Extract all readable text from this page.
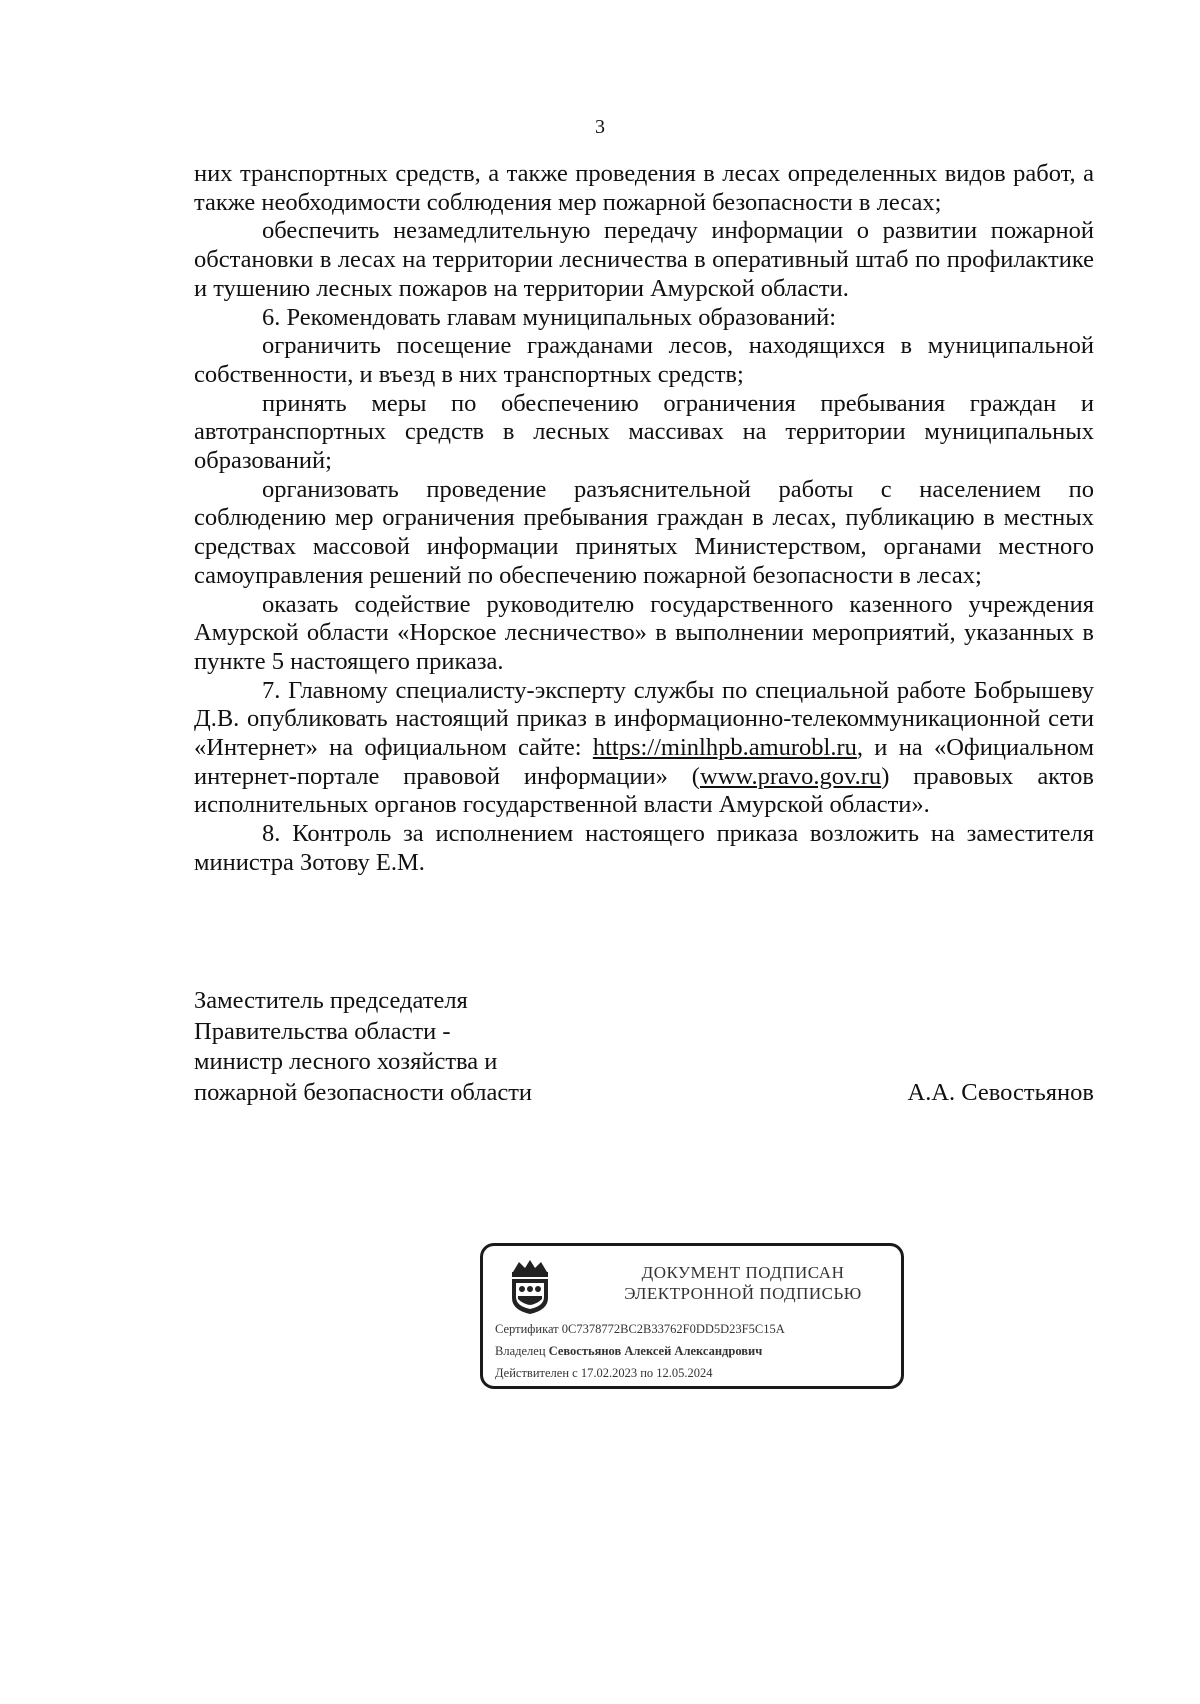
3

них транспортных средств, а также проведения в лесах определенных видов работ, а также необходимости соблюдения мер пожарной безопасности в лесах;

обеспечить незамедлительную передачу информации о развитии пожарной обстановки в лесах на территории лесничества в оперативный штаб по профилактике и тушению лесных пожаров на территории Амурской области.

6. Рекомендовать главам муниципальных образований:

ограничить посещение гражданами лесов, находящихся в муниципальной собственности, и въезд в них транспортных средств;

принять меры по обеспечению ограничения пребывания граждан и автотранспортных средств в лесных массивах на территории муниципальных образований;

организовать проведение разъяснительной работы с населением по соблюдению мер ограничения пребывания граждан в лесах, публикацию в местных средствах массовой информации принятых Министерством, органами местного самоуправления решений по обеспечению пожарной безопасности в лесах;

оказать содействие руководителю государственного казенного учреждения Амурской области «Норское лесничество» в выполнении мероприятий, указанных в пункте 5 настоящего приказа.

7. Главному специалисту-эксперту службы по специальной работе Бобрышеву Д.В. опубликовать настоящий приказ в информационно-телекоммуникационной сети «Интернет» на официальном сайте: https://minlhpb.amurobl.ru, и на «Официальном интернет-портале правовой информации» (www.pravo.gov.ru) правовых актов исполнительных органов государственной власти Амурской области».

8. Контроль за исполнением настоящего приказа возложить на заместителя министра Зотову Е.М.

Заместитель председателя
Правительства области -
министр лесного хозяйства и
пожарной безопасности области	А.А. Севостьянов
ДОКУМЕНТ ПОДПИСАН
ЭЛЕКТРОННОЙ ПОДПИСЬЮ
Сертификат 0C7378772BC2B33762F0DD5D23F5C15A
Владелец Севостьянов Алексей Александрович
Действителен с 17.02.2023 по 12.05.2024
